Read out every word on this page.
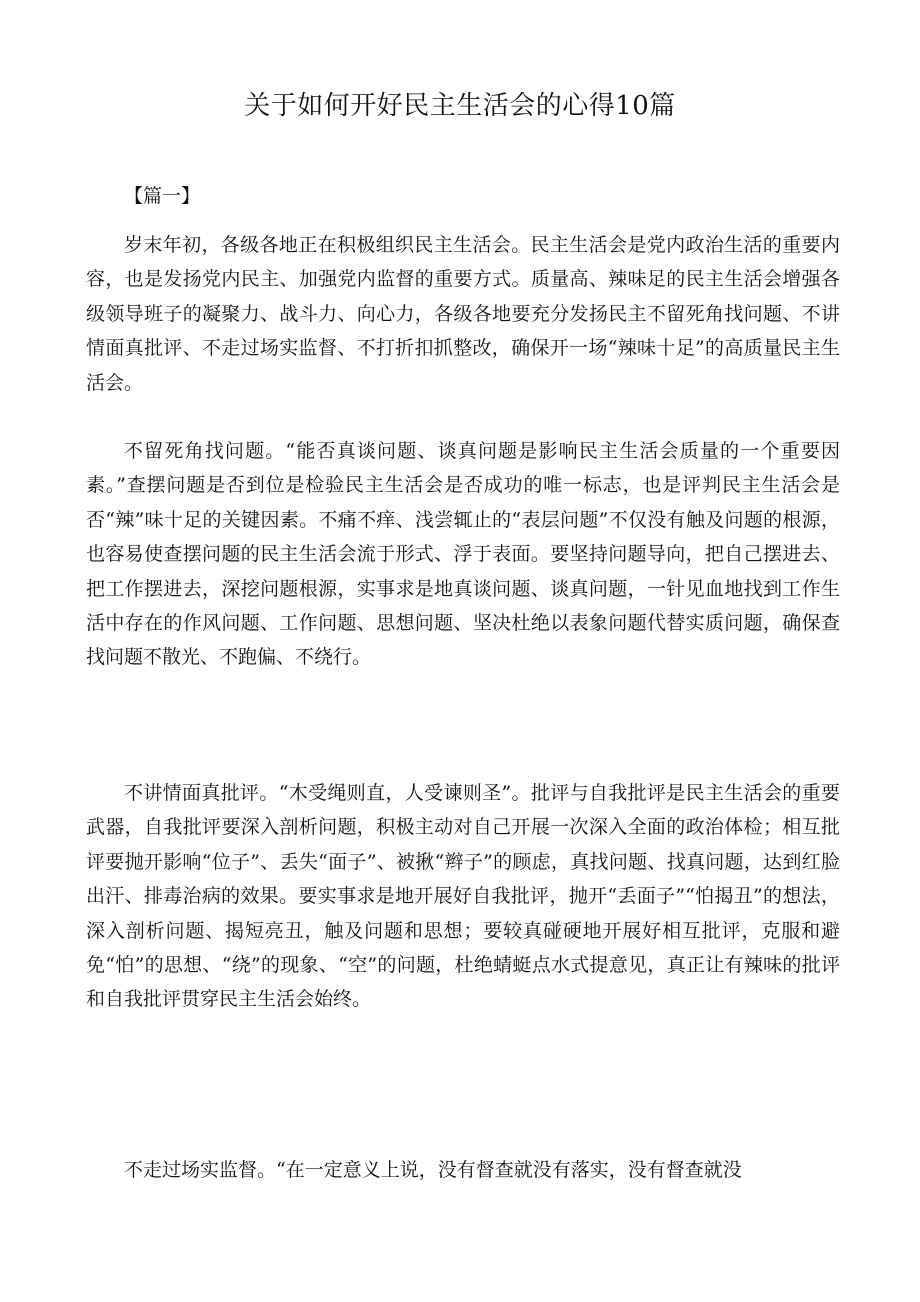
关于如何开好民主生活会的心得10篇
【篇一】

岁末年初，各级各地正在积极组织民主生活会。民主生活会是党内政治生活的重要内容，也是发扬党内民主、加强党内监督的重要方式。质量高、辣味足的民主生活会增强各级领导班子的凝聚力、战斗力、向心力，各级各地要充分发扬民主不留死角找问题、不讲情面真批评、不走过场实监督、不打折扣抓整改，确保开一场“辣味十足”的高质量民主生活会。

不留死角找问题。“能否真谈问题、谈真问题是影响民主生活会质量的一个重要因素。”查摆问题是否到位是检验民主生活会是否成功的唯一标志，也是评判民主生活会是否“辣”味十足的关键因素。不痛不痒、浅尝辄止的“表层问题”不仅没有触及问题的根源，也容易使查摆问题的民主生活会流于形式、浮于表面。要坚持问题导向，把自己摆进去、把工作摆进去，深挖问题根源，实事求是地真谈问题、谈真问题，一针见血地找到工作生活中存在的作风问题、工作问题、思想问题、坚决杜绝以表象问题代替实质问题，确保查找问题不散光、不跑偏、不绕行。

不讲情面真批评。“木受绳则直，人受谏则圣”。批评与自我批评是民主生活会的重要武器，自我批评要深入剖析问题，积极主动对自己开展一次深入全面的政治体检；相互批评要抛开影响“位子”、丢失“面子”、被揪“辫子”的顾虑，真找问题、找真问题，达到红脸出汗、排毒治病的效果。要实事求是地开展好自我批评，抛开“丢面子”“怕揭丑”的想法，深入剖析问题、揭短亮丑，触及问题和思想；要较真碰硬地开展好相互批评，克服和避免“怕”的思想、“绕”的现象、“空”的问题，杜绝蜻蜓点水式提意见，真正让有辣味的批评和自我批评贯穿民主生活会始终。

不走过场实监督。“在一定意义上说，没有督查就没有落实，没有督查就没
